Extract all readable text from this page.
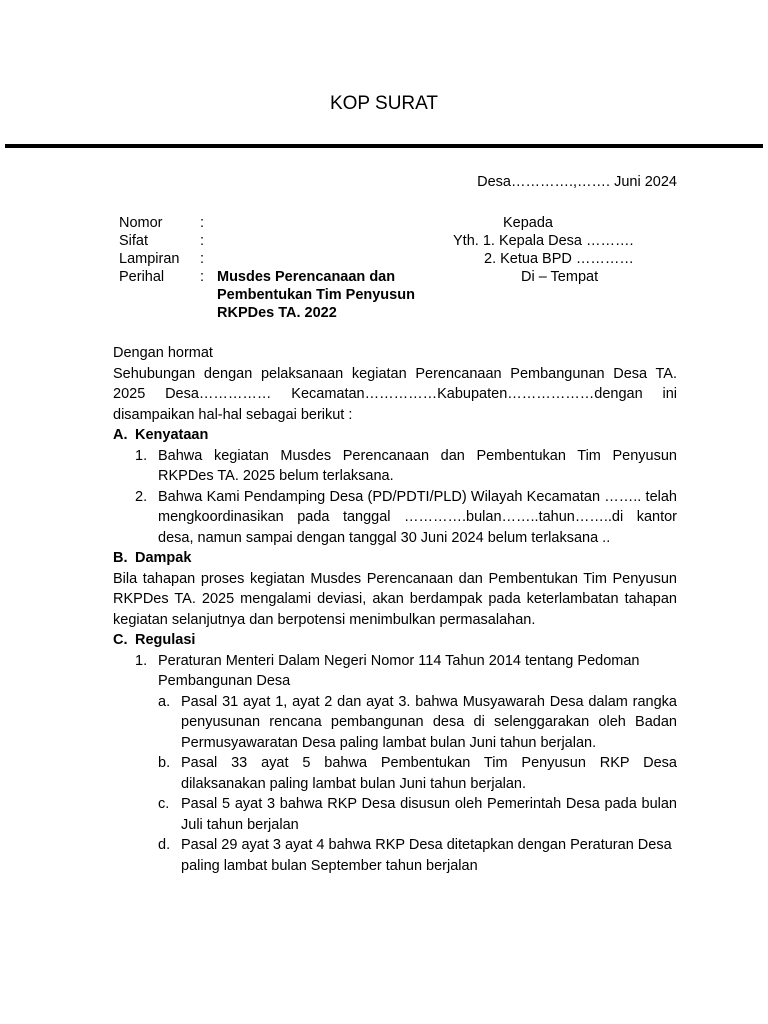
KOP SURAT
Desa………….,……. Juni 2024
Nomor	:
Sifat	:
Lampiran	:
Perihal	: Musdes Perencanaan dan Pembentukan Tim Penyusun RKPDes TA. 2022
Kepada
Yth. 1. Kepala Desa ……….
2. Ketua BPD …………
Di – Tempat

Dengan hormat

Sehubungan dengan pelaksanaan kegiatan Perencanaan Pembangunan Desa TA. 2025 Desa…………… Kecamatan……………Kabupaten………………dengan ini disampaikan hal-hal sebagai berikut :

A. Kenyataan
1. Bahwa kegiatan Musdes Perencanaan dan Pembentukan Tim Penyusun RKPDes TA. 2025 belum terlaksana.
2. Bahwa Kami Pendamping Desa (PD/PDTI/PLD) Wilayah Kecamatan …….. telah mengkoordinasikan pada tanggal ………….bulan……..tahun……..di kantor desa, namun sampai dengan tanggal 30 Juni 2024 belum terlaksana ..
B. Dampak

Bila tahapan proses kegiatan Musdes Perencanaan dan Pembentukan Tim Penyusun RKPDes TA. 2025 mengalami deviasi, akan berdampak pada keterlambatan tahapan kegiatan selanjutnya dan berpotensi menimbulkan permasalahan.

C. Regulasi
1. Peraturan Menteri Dalam Negeri Nomor 114 Tahun 2014 tentang Pedoman Pembangunan Desa
a. Pasal 31 ayat 1, ayat 2 dan ayat 3. bahwa Musyawarah Desa dalam rangka penyusunan rencana pembangunan desa di selenggarakan oleh Badan Permusyawaratan Desa paling lambat bulan Juni tahun berjalan.
b. Pasal 33 ayat 5 bahwa Pembentukan Tim Penyusun RKP Desa dilaksanakan paling lambat bulan Juni tahun berjalan.
c. Pasal 5 ayat 3 bahwa RKP Desa disusun oleh Pemerintah Desa pada bulan Juli tahun berjalan
d. Pasal 29 ayat 3 ayat 4 bahwa RKP Desa ditetapkan dengan Peraturan Desa paling lambat bulan September tahun berjalan
